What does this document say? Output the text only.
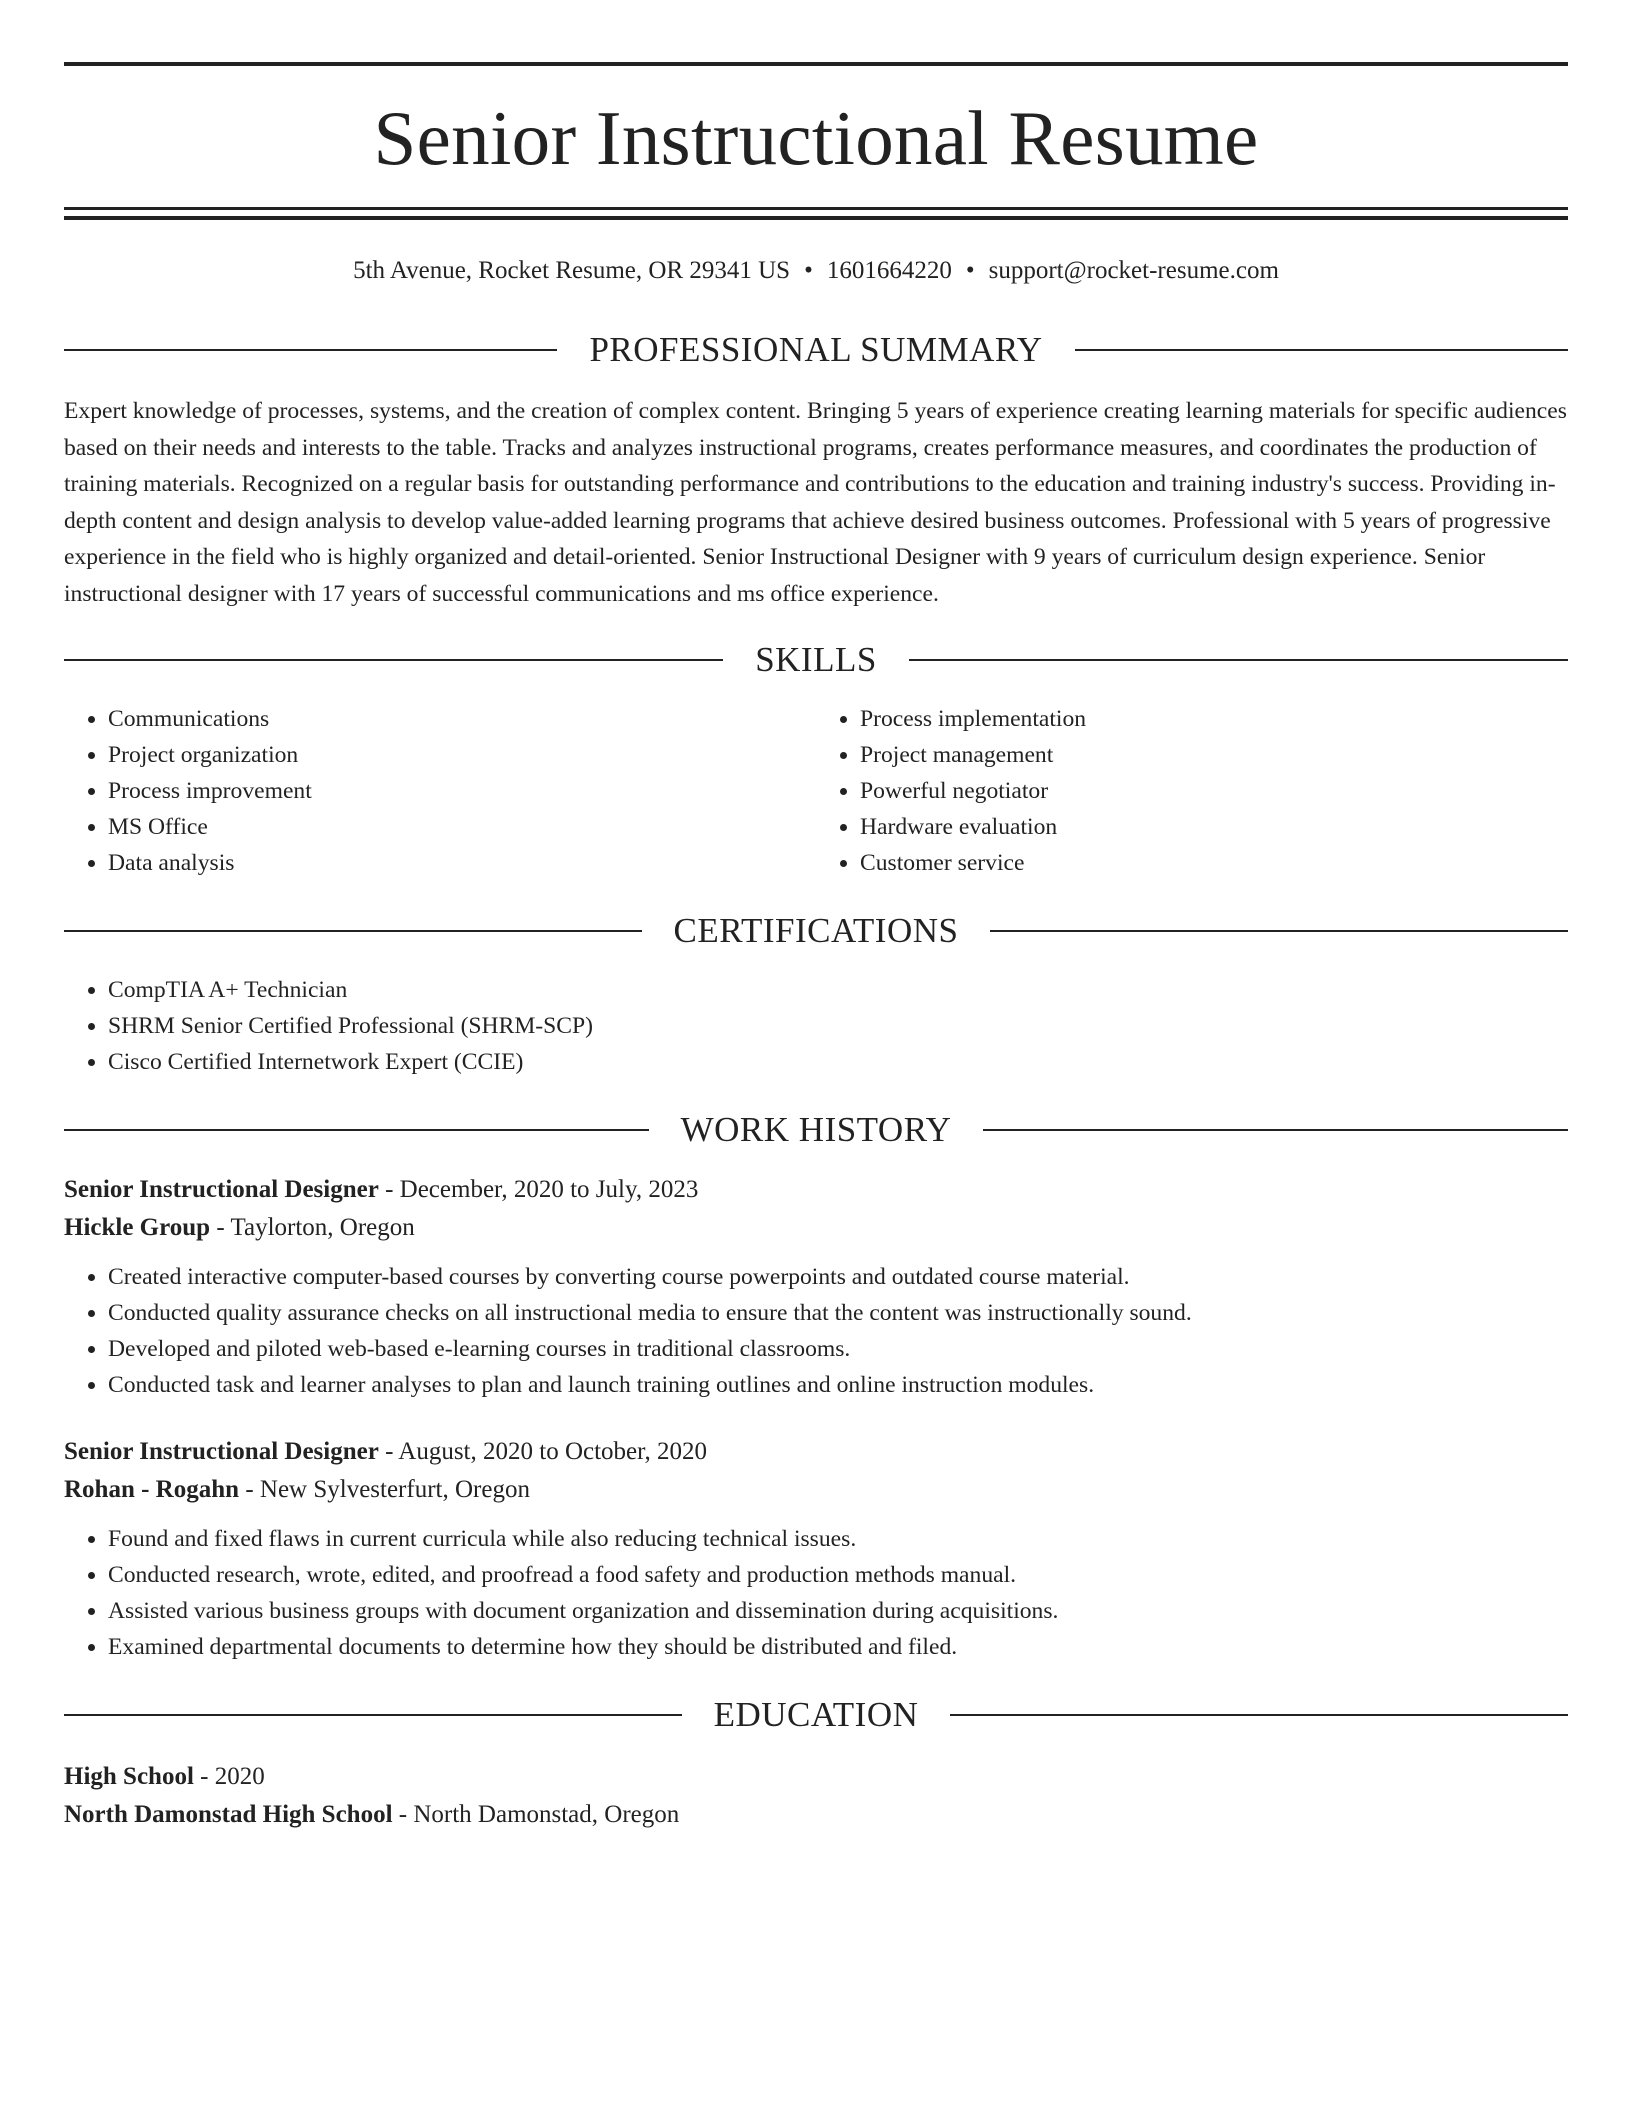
Senior Instructional Resume
5th Avenue, Rocket Resume, OR 29341 US • 1601664220 • support@rocket-resume.com
PROFESSIONAL SUMMARY
Expert knowledge of processes, systems, and the creation of complex content. Bringing 5 years of experience creating learning materials for specific audiences based on their needs and interests to the table. Tracks and analyzes instructional programs, creates performance measures, and coordinates the production of training materials. Recognized on a regular basis for outstanding performance and contributions to the education and training industry's success. Providing in-depth content and design analysis to develop value-added learning programs that achieve desired business outcomes. Professional with 5 years of progressive experience in the field who is highly organized and detail-oriented. Senior Instructional Designer with 9 years of curriculum design experience. Senior instructional designer with 17 years of successful communications and ms office experience.
SKILLS
• Communications
• Project organization
• Process improvement
• MS Office
• Data analysis
• Process implementation
• Project management
• Powerful negotiator
• Hardware evaluation
• Customer service
CERTIFICATIONS
• CompTIA A+ Technician
• SHRM Senior Certified Professional (SHRM-SCP)
• Cisco Certified Internetwork Expert (CCIE)
WORK HISTORY
Senior Instructional Designer - December, 2020 to July, 2023
Hickle Group - Taylorton, Oregon
• Created interactive computer-based courses by converting course powerpoints and outdated course material.
• Conducted quality assurance checks on all instructional media to ensure that the content was instructionally sound.
• Developed and piloted web-based e-learning courses in traditional classrooms.
• Conducted task and learner analyses to plan and launch training outlines and online instruction modules.
Senior Instructional Designer - August, 2020 to October, 2020
Rohan - Rogahn - New Sylvesterfurt, Oregon
• Found and fixed flaws in current curricula while also reducing technical issues.
• Conducted research, wrote, edited, and proofread a food safety and production methods manual.
• Assisted various business groups with document organization and dissemination during acquisitions.
• Examined departmental documents to determine how they should be distributed and filed.
EDUCATION
High School - 2020
North Damonstad High School - North Damonstad, Oregon
